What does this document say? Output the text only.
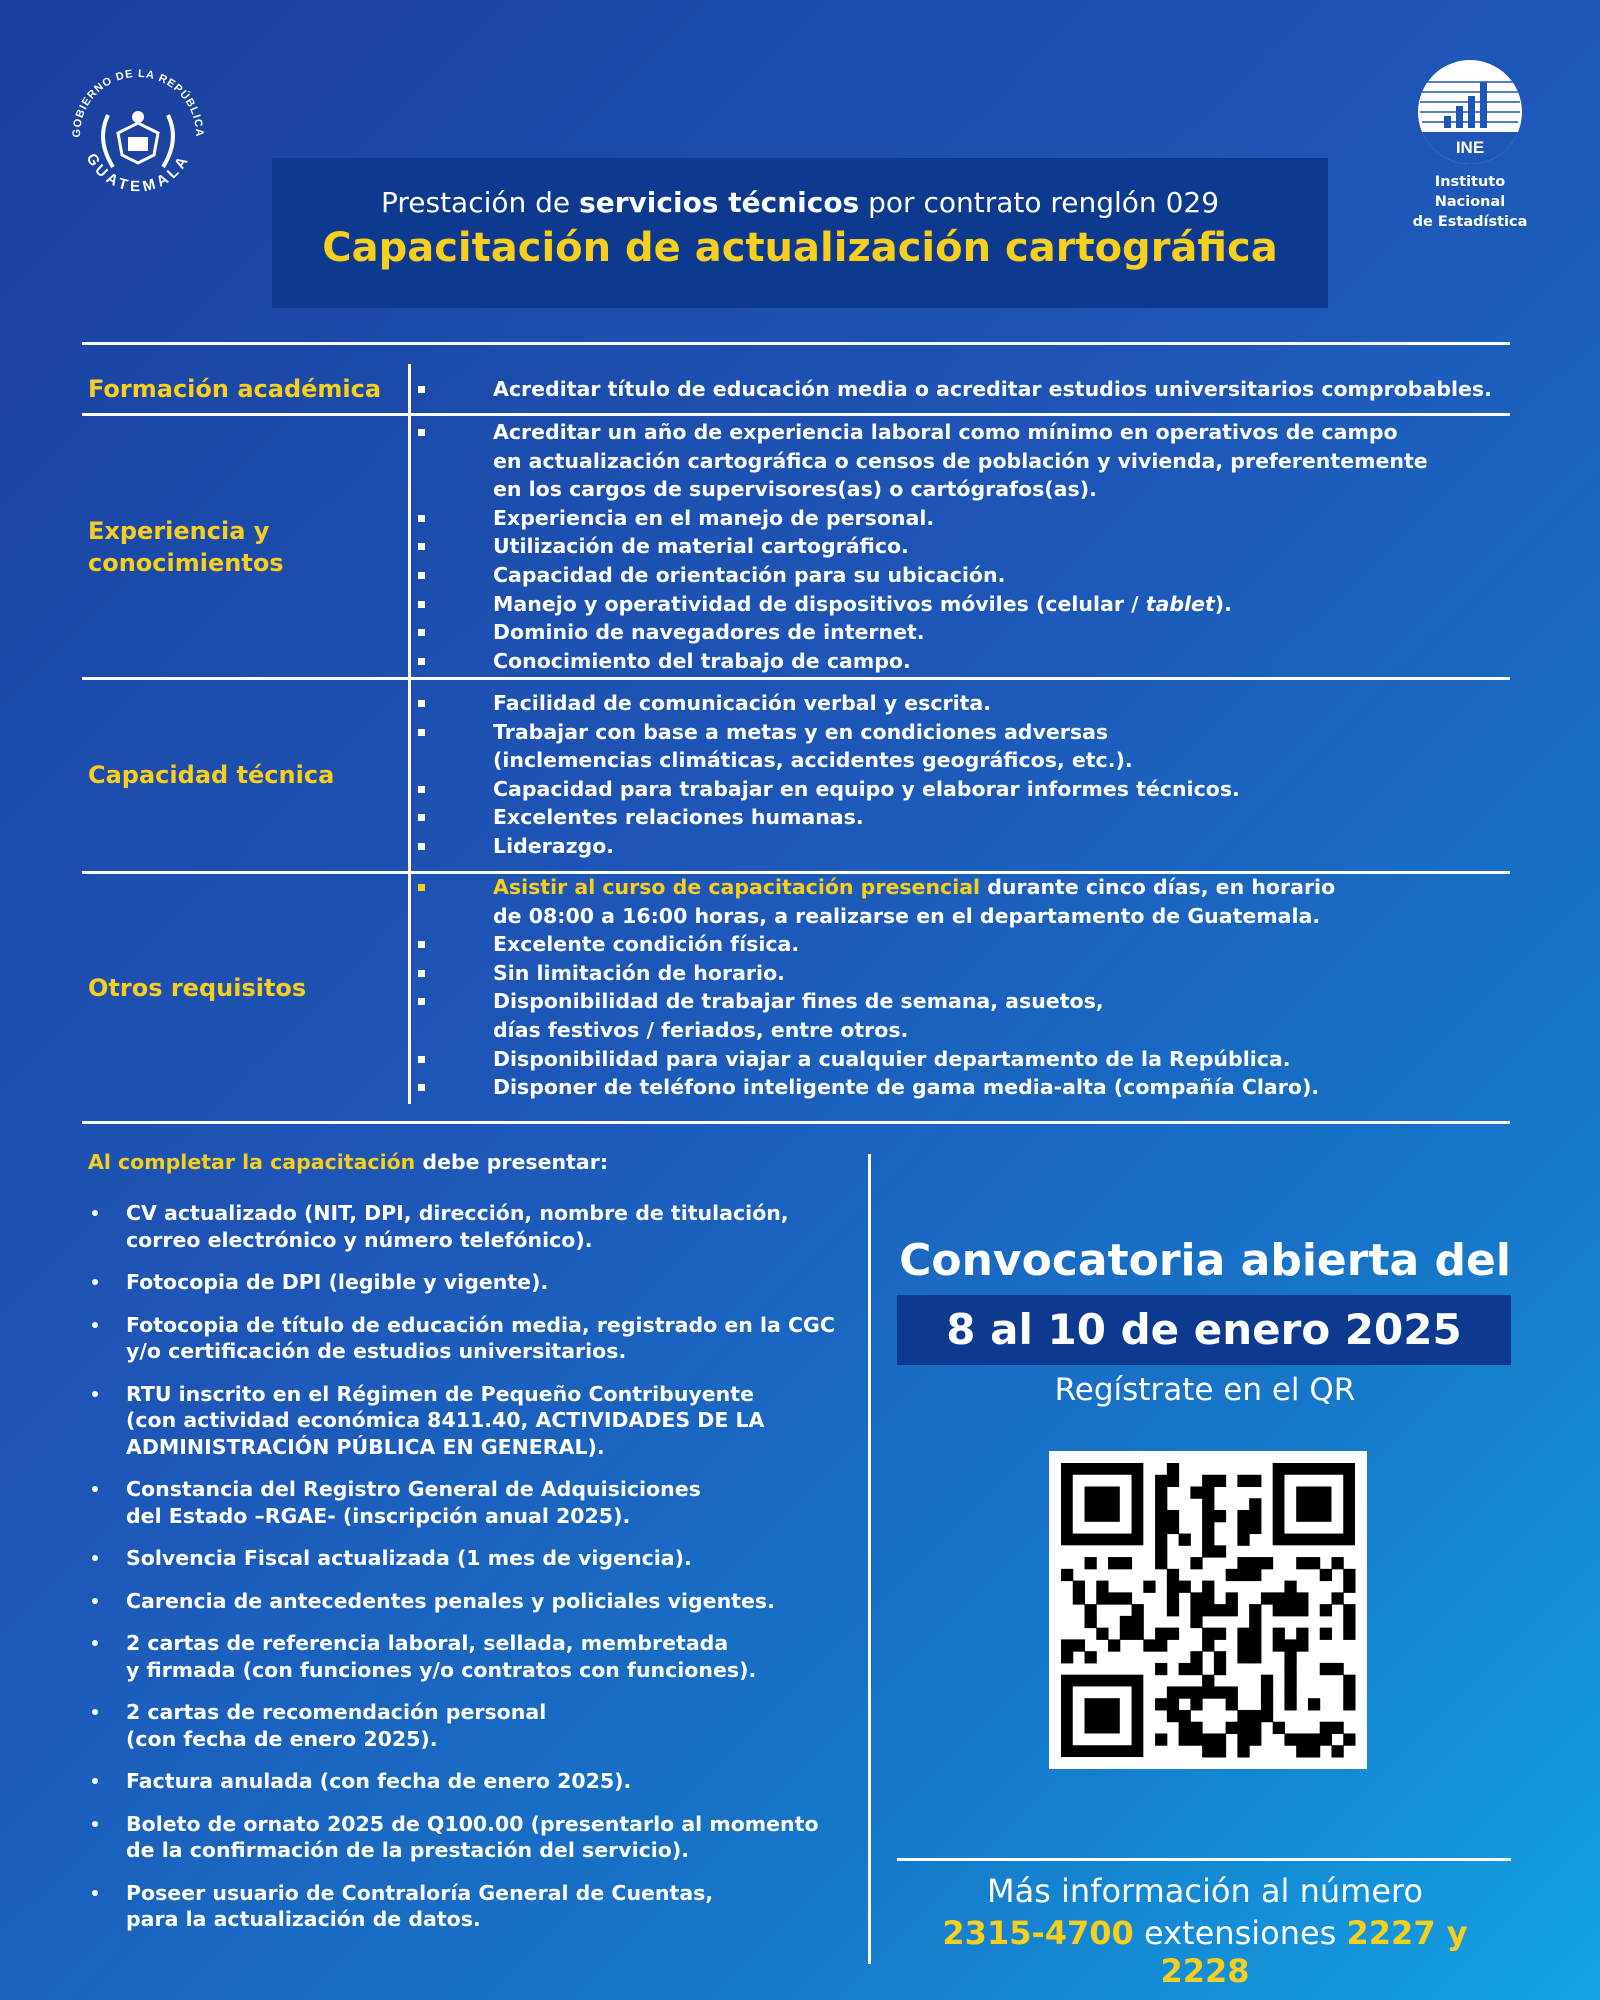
GOBIERNO DE LA REPÚBLICA
GUATEMALA
INE
Instituto Nacional
de Estadística
Prestación de servicios técnicos por contrato renglón 029
Capacitación de actualización cartográfica
Formación académica	Acreditar título de educación media o acreditar estudios universitarios comprobables.
Experiencia y
conocimientos
Acreditar un año de experiencia laboral como mínimo en operativos de campo
en actualización cartográfica o censos de población y vivienda, preferentemente
en los cargos de supervisores(as) o cartógrafos(as).
Experiencia en el manejo de personal.
Utilización de material cartográfico.
Capacidad de orientación para su ubicación.
Manejo y operatividad de dispositivos móviles (celular / tablet).
Dominio de navegadores de internet.
Conocimiento del trabajo de campo.
Capacidad técnica
Facilidad de comunicación verbal y escrita.
Trabajar con base a metas y en condiciones adversas
(inclemencias climáticas, accidentes geográficos, etc.).
Capacidad para trabajar en equipo y elaborar informes técnicos.
Excelentes relaciones humanas.
Liderazgo.
Otros requisitos
Asistir al curso de capacitación presencial durante cinco días, en horario
de 08:00 a 16:00 horas, a realizarse en el departamento de Guatemala.
Excelente condición física.
Sin limitación de horario.
Disponibilidad de trabajar fines de semana, asuetos,
días festivos / feriados, entre otros.
Disponibilidad para viajar a cualquier departamento de la República.
Disponer de teléfono inteligente de gama media-alta (compañía Claro).
Al completar la capacitación debe presentar:
CV actualizado (NIT, DPI, dirección, nombre de titulación,
correo electrónico y número telefónico).
Fotocopia de DPI (legible y vigente).
Fotocopia de título de educación media, registrado en la CGC
y/o certificación de estudios universitarios.
RTU inscrito en el Régimen de Pequeño Contribuyente
(con actividad económica 8411.40, ACTIVIDADES DE LA
ADMINISTRACIÓN PÚBLICA EN GENERAL).
Constancia del Registro General de Adquisiciones
del Estado –RGAE- (inscripción anual 2025).
Solvencia Fiscal actualizada (1 mes de vigencia).
Carencia de antecedentes penales y policiales vigentes.
2 cartas de referencia laboral, sellada, membretada
y firmada (con funciones y/o contratos con funciones).
2 cartas de recomendación personal
(con fecha de enero 2025).
Factura anulada (con fecha de enero 2025).
Boleto de ornato 2025 de Q100.00 (presentarlo al momento
de la confirmación de la prestación del servicio).
Poseer usuario de Contraloría General de Cuentas,
para la actualización de datos.
Convocatoria abierta del
8 al 10 de enero 2025
Regístrate en el QR
Más información al número
2315-4700 extensiones 2227 y 2228
